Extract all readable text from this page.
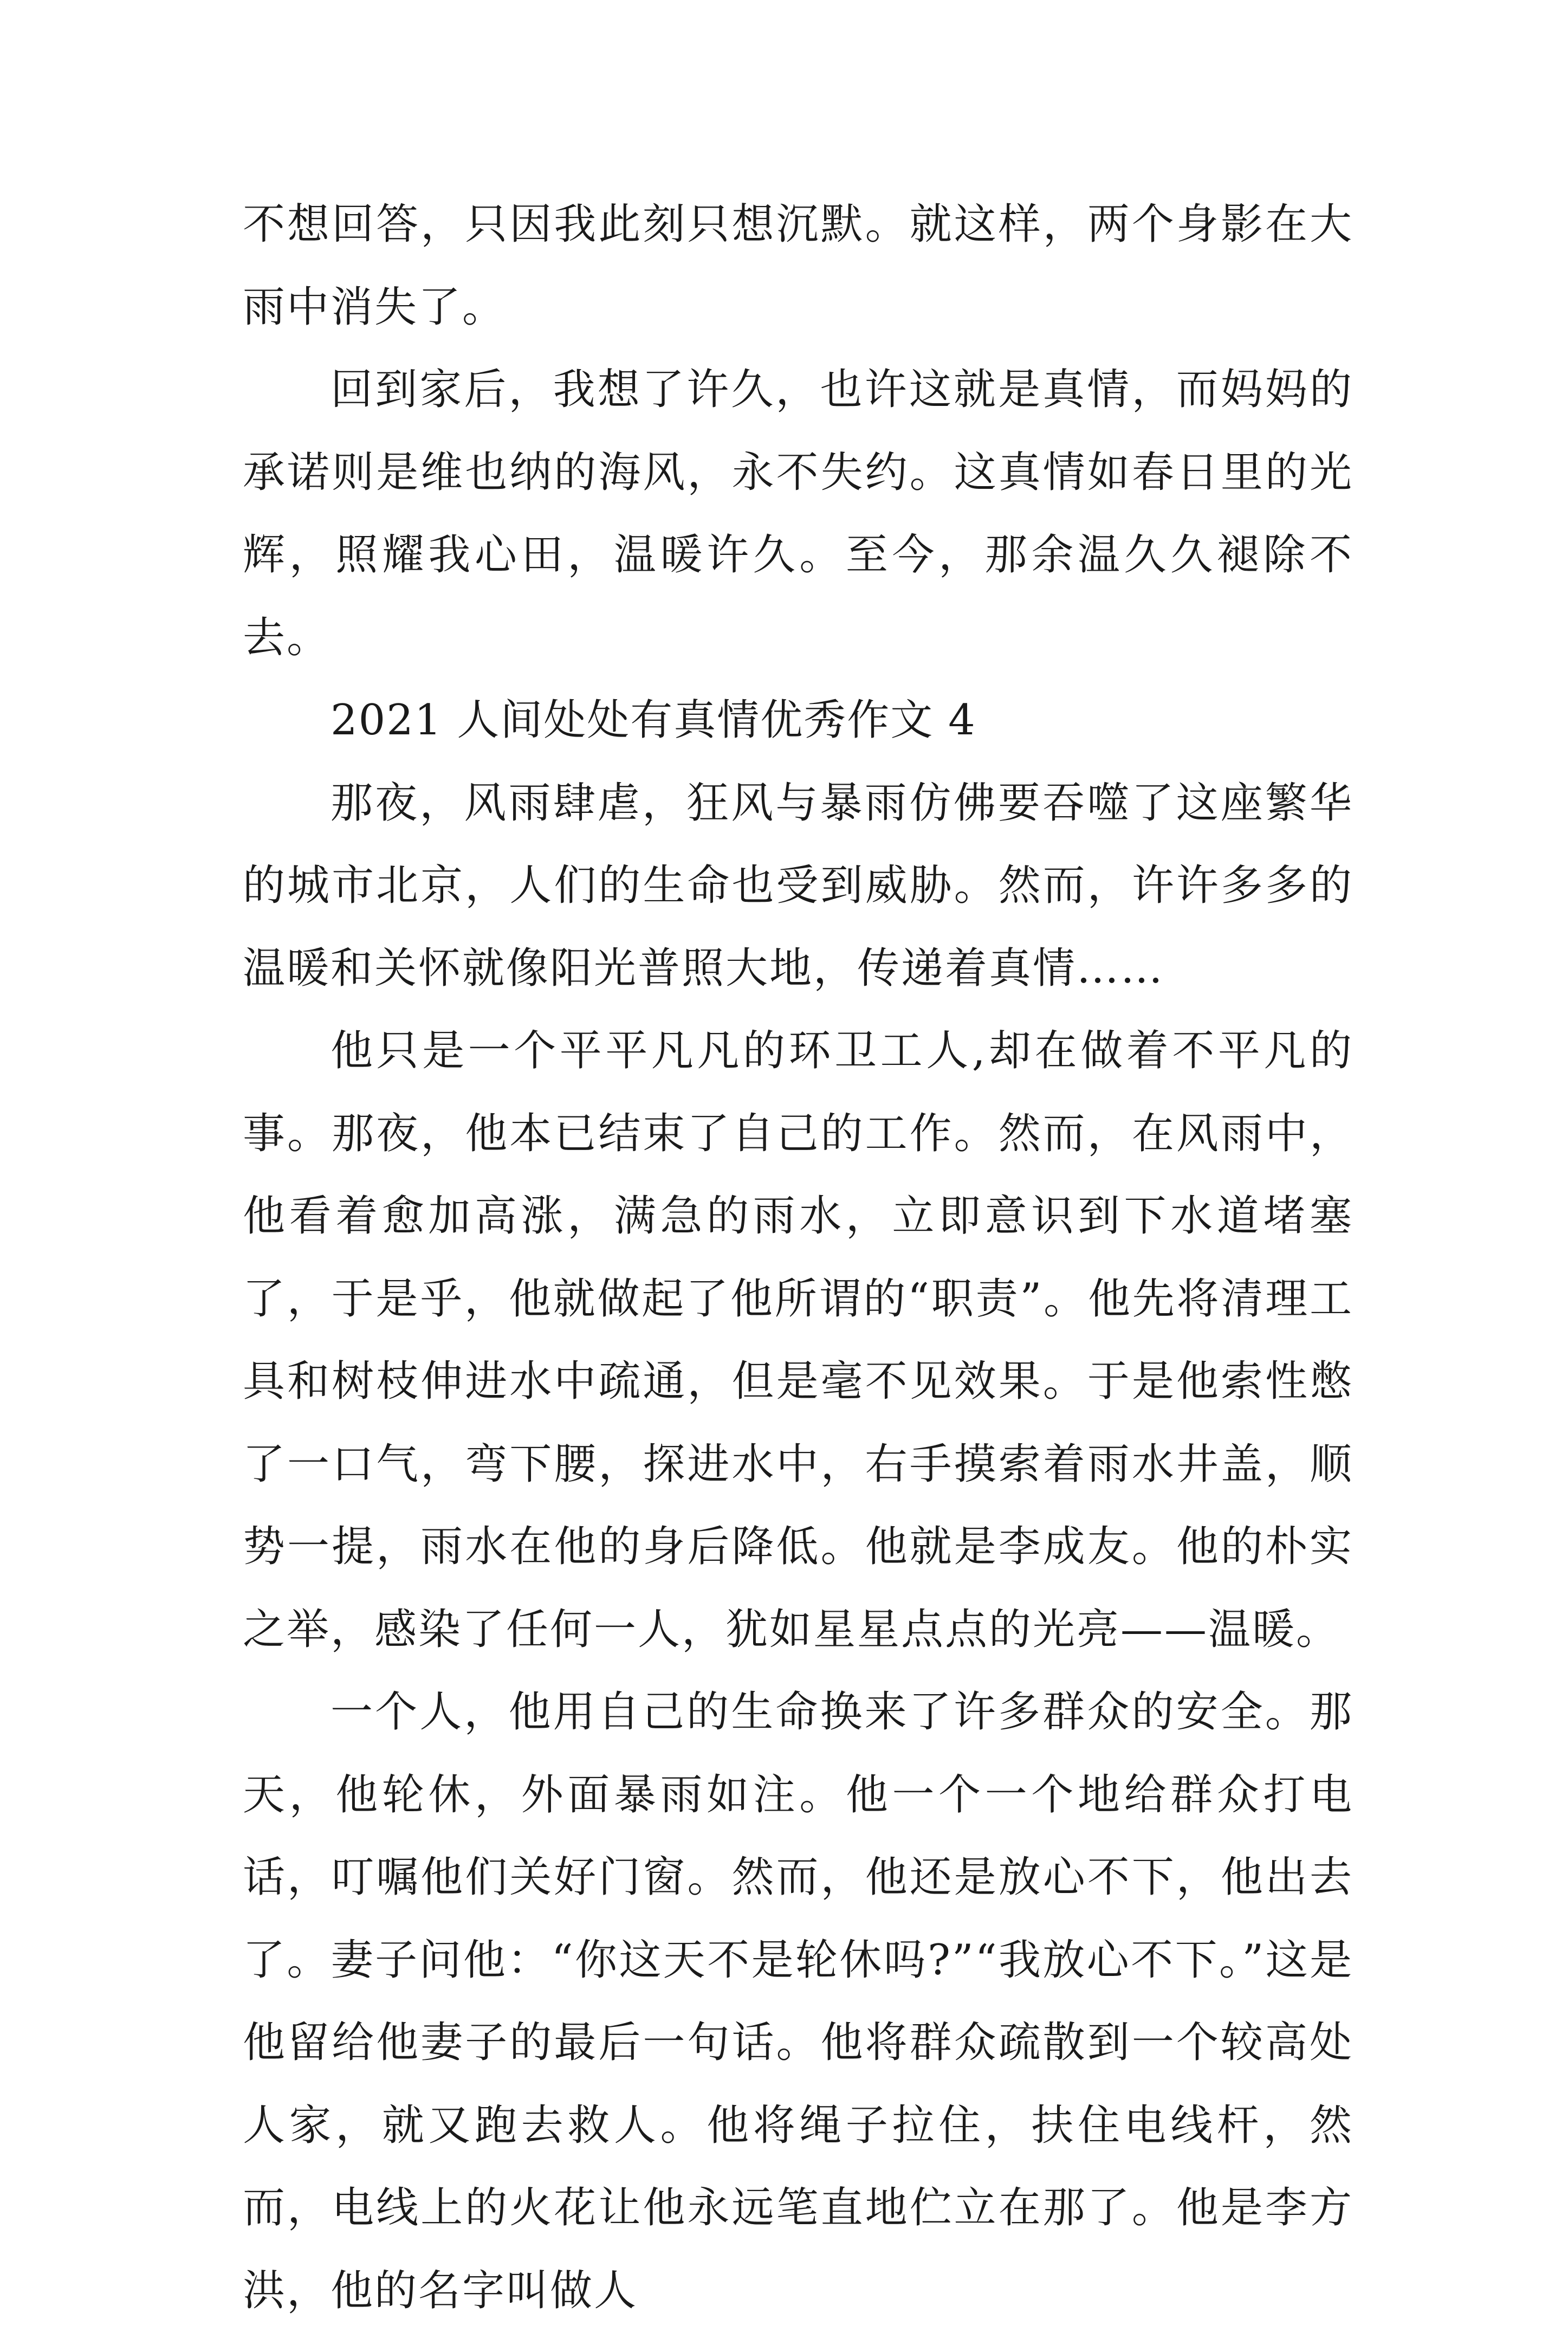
不想回答，只因我此刻只想沉默。就这样，两个身影在大雨中消失了。

回到家后，我想了许久，也许这就是真情，而妈妈的承诺则是维也纳的海风，永不失约。这真情如春日里的光辉，照耀我心田，温暖许久。至今，那余温久久褪除不去。

2021 人间处处有真情优秀作文 4

那夜，风雨肆虐，狂风与暴雨仿佛要吞噬了这座繁华的城市北京，人们的生命也受到威胁。然而，许许多多的温暖和关怀就像阳光普照大地，传递着真情……

他只是一个平平凡凡的环卫工人,却在做着不平凡的事。那夜，他本已结束了自己的工作。然而，在风雨中，他看着愈加高涨，满急的雨水，立即意识到下水道堵塞了，于是乎，他就做起了他所谓的“职责”。他先将清理工具和树枝伸进水中疏通，但是毫不见效果。于是他索性憋了一口气，弯下腰，探进水中，右手摸索着雨水井盖，顺势一提，雨水在他的身后降低。他就是李成友。他的朴实之举，感染了任何一人，犹如星星点点的光亮——温暖。

一个人，他用自己的生命换来了许多群众的安全。那天，他轮休，外面暴雨如注。他一个一个地给群众打电话，叮嘱他们关好门窗。然而，他还是放心不下，他出去了。妻子问他：“你这天不是轮休吗?”“我放心不下。”这是他留给他妻子的最后一句话。他将群众疏散到一个较高处人家，就又跑去救人。他将绳子拉住，扶住电线杆，然而，电线上的火花让他永远笔直地伫立在那了。他是李方洪，他的名字叫做人
